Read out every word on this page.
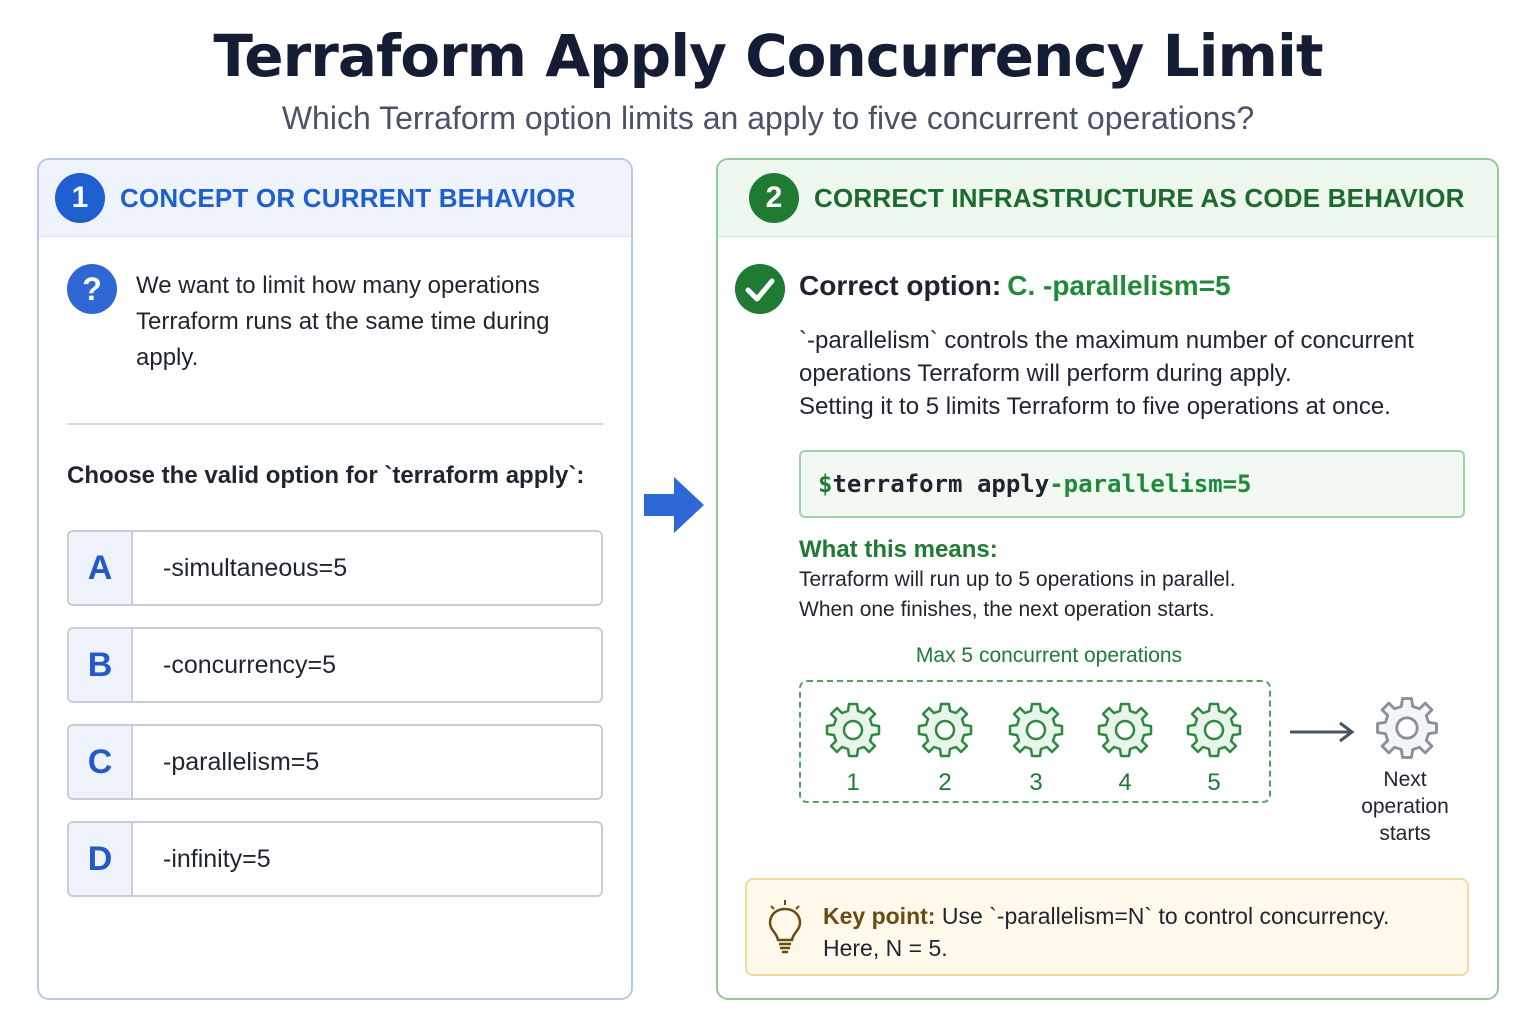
Terraform Apply Concurrency Limit
Which Terraform option limits an apply to five concurrent operations?
1	CONCEPT OR CURRENT BEHAVIOR
?	We want to limit how many operations Terraform runs at the same time during apply.
Choose the valid option for `terraform apply`:
A	-simultaneous=5
B	-concurrency=5
C	-parallelism=5
D	-infinity=5
2	CORRECT INFRASTRUCTURE AS CODE BEHAVIOR
Correct option: C. -parallelism=5
`-parallelism` controls the maximum number of concurrent
operations Terraform will perform during apply.
Setting it to 5 limits Terraform to five operations at once.
$ terraform apply -parallelism=5
What this means:
Terraform will run up to 5 operations in parallel.
When one finishes, the next operation starts.
Max 5 concurrent operations
1	2	3	4	5	Next
operation
starts
Key point: Use `-parallelism=N` to control concurrency.
Here, N = 5.
